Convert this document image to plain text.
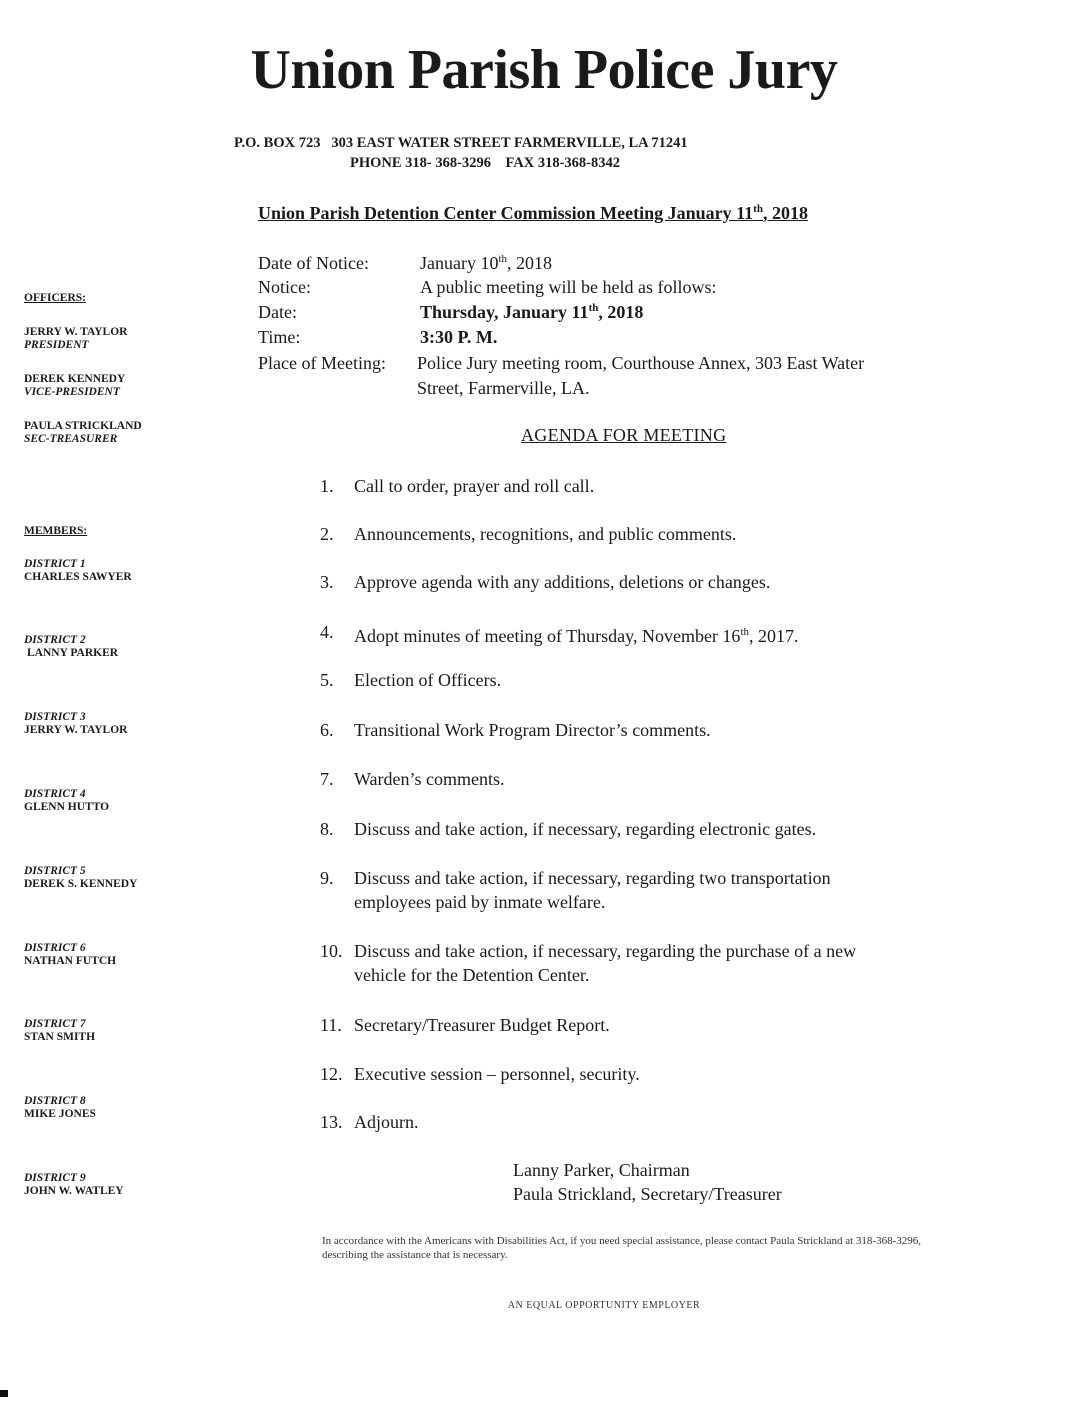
Union Parish Police Jury
P.O. BOX 723   303 EAST WATER STREET FARMERVILLE, LA 71241
PHONE 318- 368-3296    FAX 318-368-8342
Union Parish Detention Center Commission Meeting January 11th, 2018
Date of Notice:	January 10th, 2018
Notice:	A public meeting will be held as follows:
Date:	Thursday, January 11th, 2018
Time:	3:30 P. M.
Place of Meeting: Police Jury meeting room, Courthouse Annex, 303 East Water
Street, Farmerville, LA.
AGENDA FOR MEETING
1. Call to order, prayer and roll call.
2. Announcements, recognitions, and public comments.
3. Approve agenda with any additions, deletions or changes.
4. Adopt minutes of meeting of Thursday, November 16th, 2017.
5. Election of Officers.
6. Transitional Work Program Director’s comments.
7. Warden’s comments.
8. Discuss and take action, if necessary, regarding electronic gates.
9. Discuss and take action, if necessary, regarding two transportation
employees paid by inmate welfare.
10. Discuss and take action, if necessary, regarding the purchase of a new
vehicle for the Detention Center.
11. Secretary/Treasurer Budget Report.
12. Executive session – personnel, security.
13. Adjourn.
Lanny Parker, Chairman
Paula Strickland, Secretary/Treasurer
In accordance with the Americans with Disabilities Act, if you need special assistance, please contact Paula Strickland at 318-368-3296, describing the assistance that is necessary.
AN EQUAL OPPORTUNITY EMPLOYER
OFFICERS:
JERRY W. TAYLOR
PRESIDENT
DEREK KENNEDY
VICE-PRESIDENT
PAULA STRICKLAND
SEC-TREASURER
MEMBERS:
DISTRICT 1
CHARLES SAWYER
DISTRICT 2
LANNY PARKER
DISTRICT 3
JERRY W. TAYLOR
DISTRICT 4
GLENN HUTTO
DISTRICT 5
DEREK S. KENNEDY
DISTRICT 6
NATHAN FUTCH
DISTRICT 7
STAN SMITH
DISTRICT 8
MIKE JONES
DISTRICT 9
JOHN W. WATLEY
